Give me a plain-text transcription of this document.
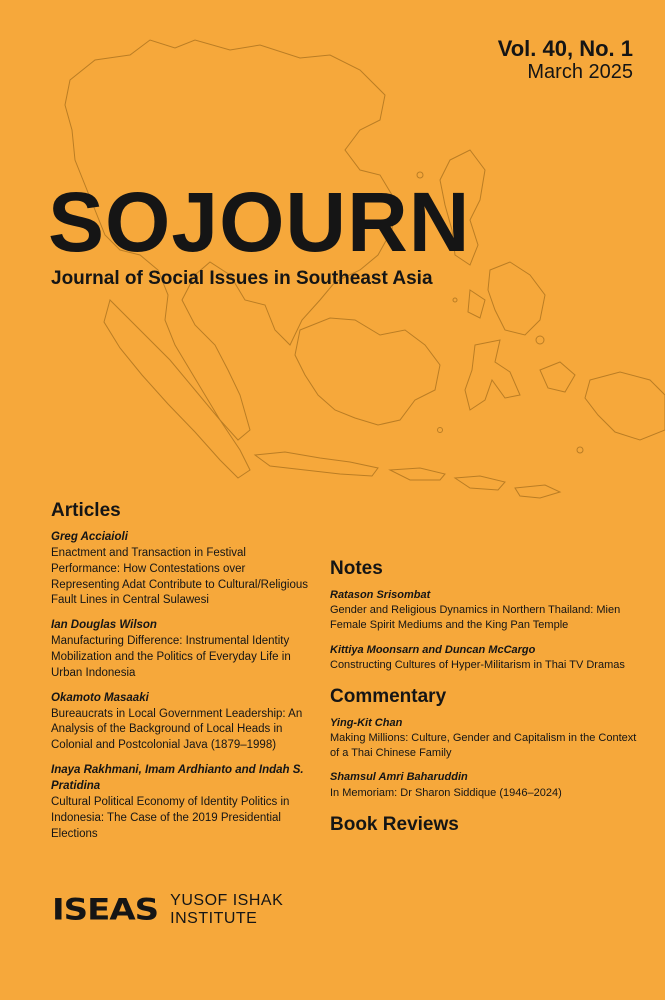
Vol. 40, No. 1
March 2025
SOJOURN
Journal of Social Issues in Southeast Asia
Articles
Greg Acciaioli
Enactment and Transaction in Festival Performance: How Contestations over Representing Adat Contribute to Cultural/Religious Fault Lines in Central Sulawesi
Ian Douglas Wilson
Manufacturing Difference: Instrumental Identity Mobilization and the Politics of Everyday Life in Urban Indonesia
Okamoto Masaaki
Bureaucrats in Local Government Leadership: An Analysis of the Background of Local Heads in Colonial and Postcolonial Java (1879–1998)
Inaya Rakhmani, Imam Ardhianto and Indah S. Pratidina
Cultural Political Economy of Identity Politics in Indonesia: The Case of the 2019 Presidential Elections
Notes
Ratason Srisombat
Gender and Religious Dynamics in Northern Thailand: Mien Female Spirit Mediums and the King Pan Temple
Kittiya Moonsarn and Duncan McCargo
Constructing Cultures of Hyper-Militarism in Thai TV Dramas
Commentary
Ying-Kit Chan
Making Millions: Culture, Gender and Capitalism in the Context of a Thai Chinese Family
Shamsul Amri Baharuddin
In Memoriam: Dr Sharon Siddique (1946–2024)
Book Reviews
ISEAS YUSOF ISHAK
INSTITUTE
